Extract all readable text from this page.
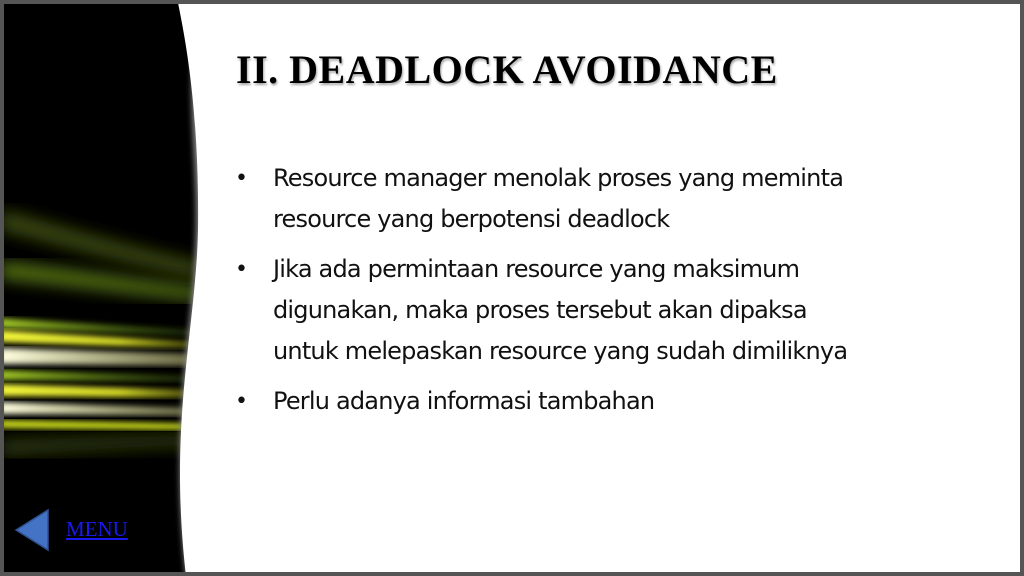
II. DEADLOCK AVOIDANCE
• Resource manager menolak proses yang meminta
resource yang berpotensi deadlock
• Jika ada permintaan resource yang maksimum
digunakan, maka proses tersebut akan dipaksa
untuk melepaskan resource yang sudah dimiliknya
• Perlu adanya informasi tambahan
MENU
